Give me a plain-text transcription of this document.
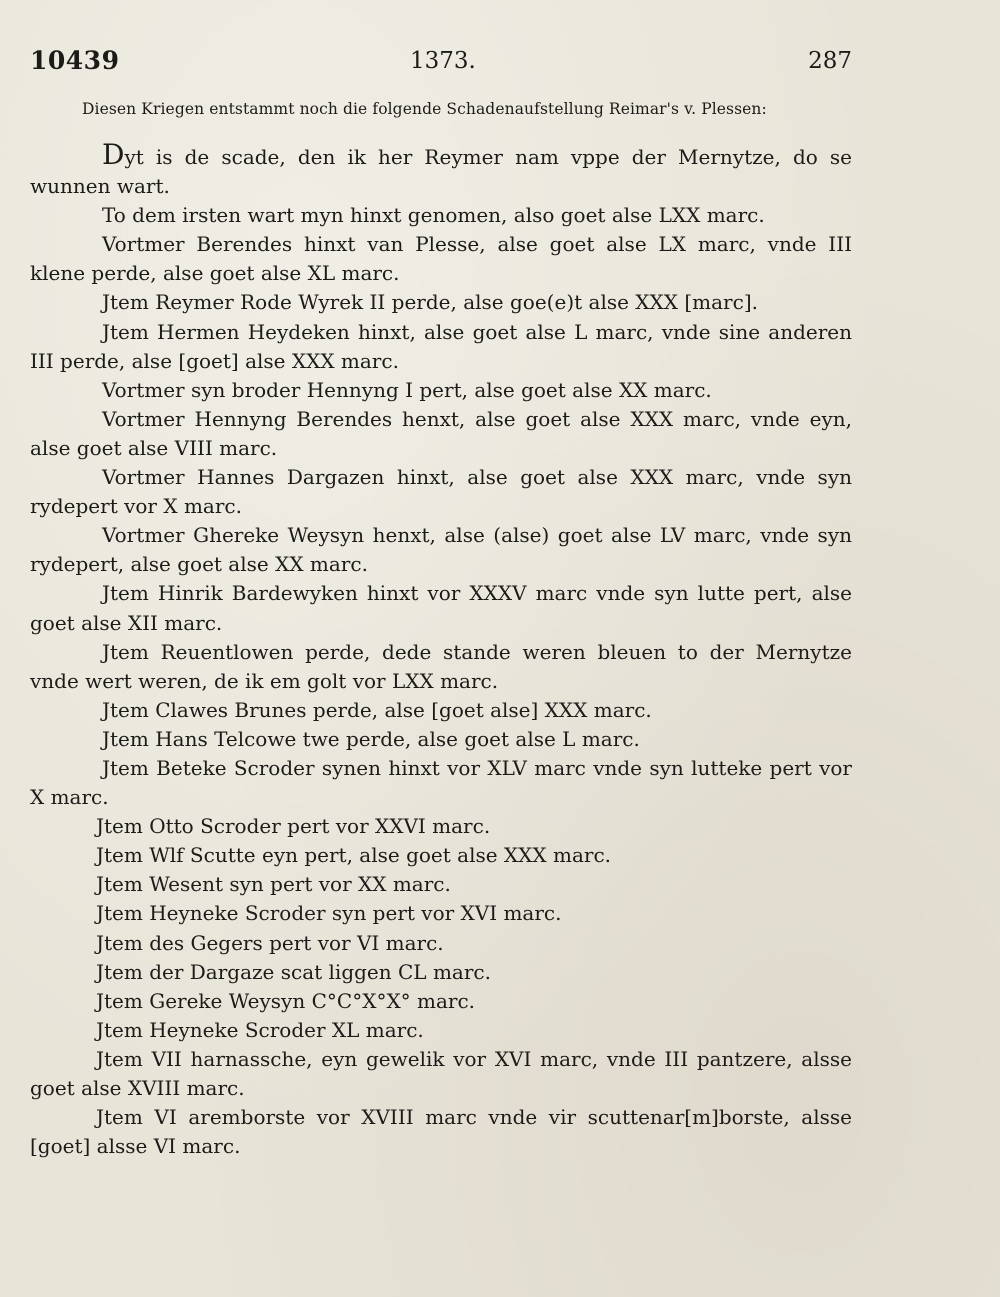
10439	1373.	287
Diesen Kriegen entstammt noch die folgende Schadenaufstellung Reimar's v. Plessen:

Dyt is de scade, den ik her Reymer nam vppe der Mernytze, do se wunnen wart.

To dem irsten wart myn hinxt genomen, also goet alse LXX marc.

Vortmer Berendes hinxt van Plesse, alse goet alse LX marc, vnde III klene perde, alse goet alse XL marc.

Jtem Reymer Rode Wyrek II perde, alse goe(e)t alse XXX [marc].

Jtem Hermen Heydeken hinxt, alse goet alse L marc, vnde sine anderen III perde, alse [goet] alse XXX marc.

Vortmer syn broder Hennyng I pert, alse goet alse XX marc.

Vortmer Hennyng Berendes henxt, alse goet alse XXX marc, vnde eyn, alse goet alse VIII marc.

Vortmer Hannes Dargazen hinxt, alse goet alse XXX marc, vnde syn rydepert vor X marc.

Vortmer Ghereke Weysyn henxt, alse (alse) goet alse LV marc, vnde syn rydepert, alse goet alse XX marc.

Jtem Hinrik Bardewyken hinxt vor XXXV marc vnde syn lutte pert, alse goet alse XII marc.

Jtem Reuentlowen perde, dede stande weren bleuen to der Mernytze vnde wert weren, de ik em golt vor LXX marc.

Jtem Clawes Brunes perde, alse [goet alse] XXX marc.

Jtem Hans Telcowe twe perde, alse goet alse L marc.

Jtem Beteke Scroder synen hinxt vor XLV marc vnde syn lutteke pert vor X marc.

Jtem Otto Scroder pert vor XXVI marc.

Jtem Wlf Scutte eyn pert, alse goet alse XXX marc.

Jtem Wesent syn pert vor XX marc.

Jtem Heyneke Scroder syn pert vor XVI marc.

Jtem des Gegers pert vor VI marc.

Jtem der Dargaze scat liggen CL marc.

Jtem Gereke Weysyn C°C°X°X° marc.

Jtem Heyneke Scroder XL marc.

Jtem VII harnassche, eyn gewelik vor XVI marc, vnde III pantzere, alsse goet alse XVIII marc.

Jtem VI aremborste vor XVIII marc vnde vir scuttenar[m]borste, alsse [goet] alsse VI marc.
